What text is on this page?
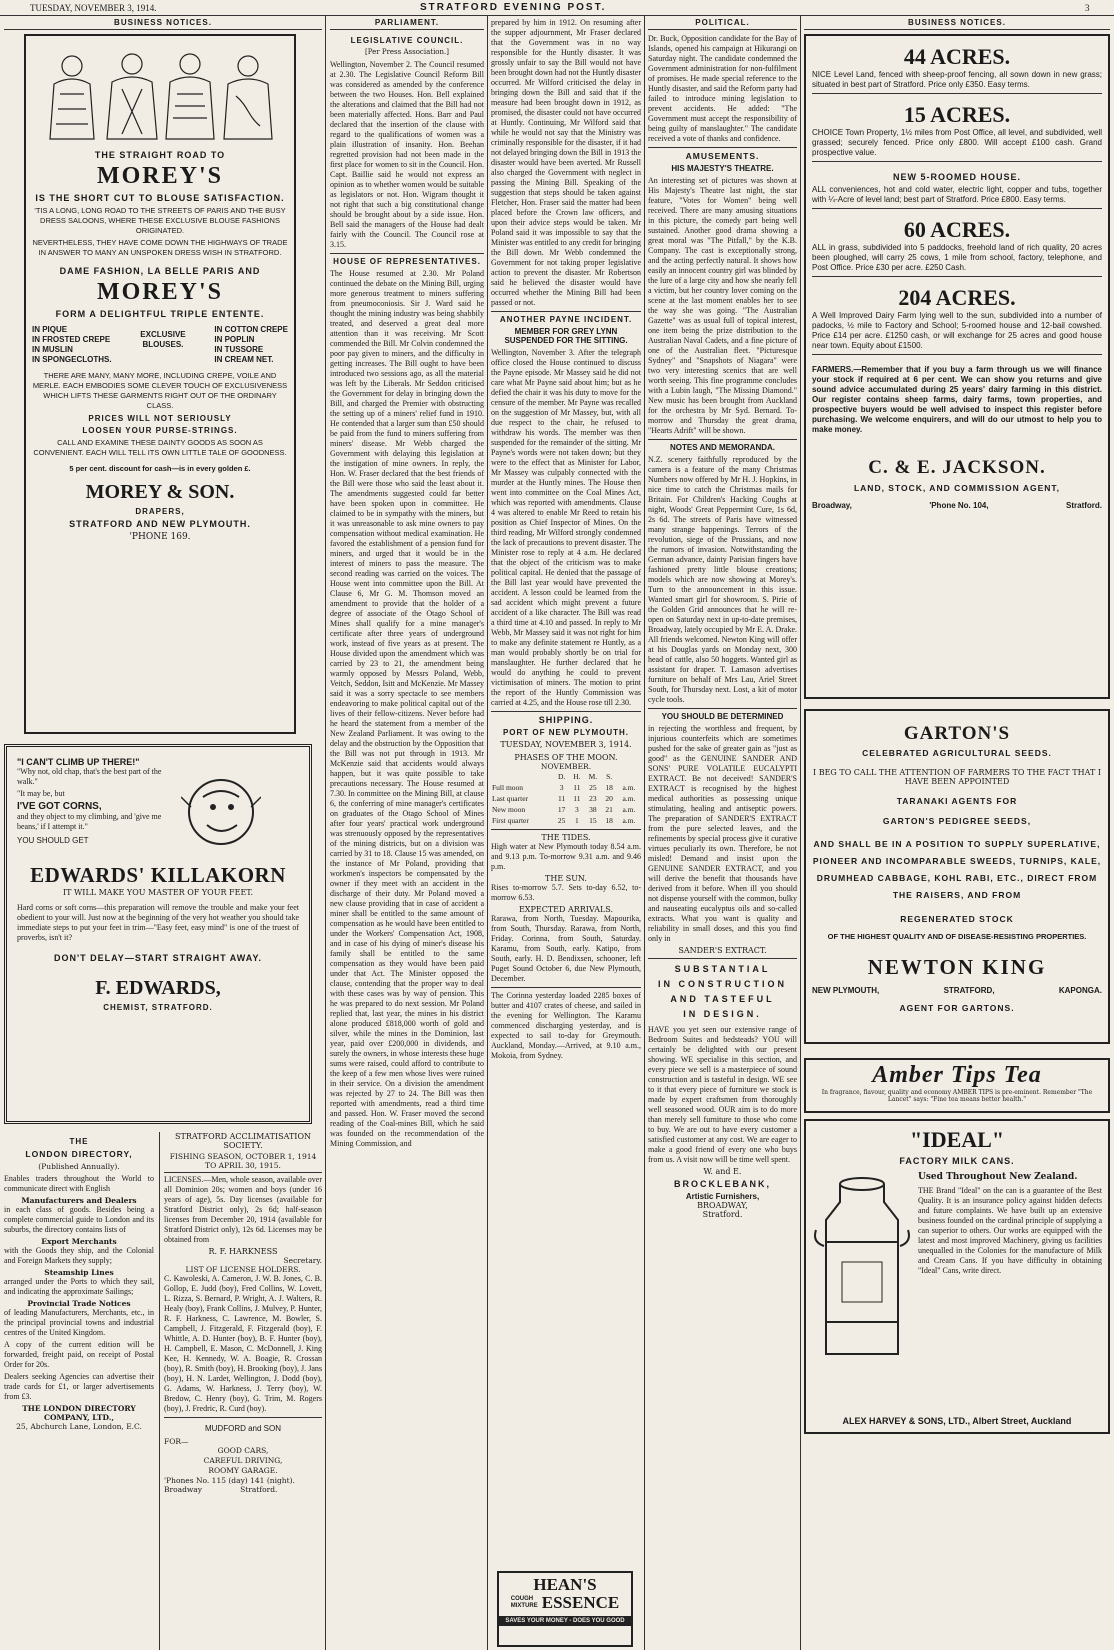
TUESDAY, NOVEMBER 3, 1914.	STRATFORD EVENING POST.	3
BUSINESS NOTICES.
THE STRAIGHT ROAD TO
MOREY'S
IS THE SHORT CUT TO BLOUSE SATISFACTION.

'TIS A LONG, LONG ROAD TO THE STREETS OF PARIS AND THE BUSY DRESS SALOONS, WHERE THESE EXCLUSIVE BLOUSE FASHIONS ORIGINATED.

NEVERTHELESS, THEY HAVE COME DOWN THE HIGHWAYS OF TRADE IN ANSWER TO MANY AN UNSPOKEN DRESS WISH IN STRATFORD.

DAME FASHION, LA BELLE PARIS AND
MOREY'S
FORM A DELIGHTFUL TRIPLE ENTENTE.
IN PIQUE
IN FROSTED CREPE
IN MUSLIN
IN SPONGECLOTHS.
EXCLUSIVE
BLOUSES.
IN COTTON CREPE
IN POPLIN
IN TUSSORE
IN CREAM NET.

THERE ARE MANY, MANY MORE, INCLUDING CREPE, VOILE AND MERLE. EACH EMBODIES SOME CLEVER TOUCH OF EXCLUSIVENESS WHICH LIFTS THESE GARMENTS RIGHT OUT OF THE ORDINARY CLASS.

PRICES WILL NOT SERIOUSLY
LOOSEN YOUR PURSE-STRINGS.

CALL AND EXAMINE THESE DAINTY GOODS AS SOON AS CONVENIENT. EACH WILL TELL ITS OWN LITTLE TALE OF GOODNESS.

5 per cent. discount for cash—is in every golden £.
MOREY & SON.
DRAPERS,
STRATFORD AND NEW PLYMOUTH.
'PHONE 169.
"I CAN'T CLIMB UP THERE!"

"Why not, old chap, that's the best part of the walk."

"It may be, but

I'VE GOT CORNS,

and they object to my climbing, and 'give me beans,' if I attempt it."

YOU SHOULD GET
EDWARDS' KILLAKORN
IT WILL MAKE YOU MASTER OF YOUR FEET.

Hard corns or soft corns—this preparation will remove the trouble and make your feet obedient to your will. Just now at the beginning of the very hot weather you should take immediate steps to put your feet in trim—"Easy feet, easy mind" is one of the truest of proverbs, isn't it?

DON'T DELAY—START STRAIGHT AWAY.
F. EDWARDS,
CHEMIST, STRATFORD.
THE
LONDON DIRECTORY,
(Published Annually).

Enables traders throughout the World to communicate direct with English

Manufacturers and Dealers

in each class of goods. Besides being a complete commercial guide to London and its suburbs, the directory contains lists of

Export Merchants

with the Goods they ship, and the Colonial and Foreign Markets they supply;

Steamship Lines

arranged under the Ports to which they sail, and indicating the approximate Sailings;

Provincial Trade Notices

of leading Manufacturers, Merchants, etc., in the principal provincial towns and industrial centres of the United Kingdom.

A copy of the current edition will be forwarded, freight paid, on receipt of Postal Order for 20s.

Dealers seeking Agencies can advertise their trade cards for £1, or larger advertisements from £3.

THE LONDON DIRECTORY COMPANY, LTD.,
25, Abchurch Lane, London, E.C.
STRATFORD ACCLIMATISATION SOCIETY.
FISHING SEASON, OCTOBER 1, 1914 TO APRIL 30, 1915.

LICENSES.—Men, whole season, available over all Dominion 20s; women and boys (under 16 years of age), 5s. Day licenses (available for Stratford District only), 2s 6d; half-season licenses from December 20, 1914 (available for Stratford District only), 12s 6d. Licenses may be obtained from

R. F. HARKNESS
Secretary.
LIST OF LICENSE HOLDERS.

C. Kawoleski, A. Cameron, J. W. B. Jones, C. B. Gollop, E. Judd (boy), Fred Collins, W. Lovett, L. Rizza, S. Bernard, P. Wright, A. J. Walters, R. Healy (boy), Frank Collins, J. Mulvey, P. Hunter, R. F. Harkness, C. Lawrence, M. Bowler, S. Campbell, J. Fitzgerald, F. Fitzgerald (boy), F. Whittle, A. D. Hunter (boy), B. F. Hunter (boy), H. Campbell, E. Mason, C. McDonnell, J. King Kee, H. Kennedy, W. A. Boagie, R. Crossan (boy), R. Smith (boy), H. Brooking (boy), J. Jans (boy), H. N. Lardet, Wellington, J. Dodd (boy), G. Adams, W. Harkness, J. Terry (boy), W. Bredow, C. Henry (boy), G. Trim, M. Rogers (boy), J. Fredric, R. Curd (boy).

MUDFORD and SON
FOR—
GOOD CARS,
CAREFUL DRIVING,
ROOMY GARAGE.
'Phones No. 115 (day) 141 (night).
Broadway                Stratford.
PARLIAMENT.
LEGISLATIVE COUNCIL.
[Per Press Association.]

Wellington, November 2. The Council resumed at 2.30. The Legislative Council Reform Bill was considered as amended by the conference between the two Houses. Hon. Bell explained the alterations and claimed that the Bill had not been materially affected. Hons. Barr and Paul declared that the insertion of the clause with regard to the qualifications of women was a plain illustration of insanity. Hon. Beehan regretted provision had not been made in the first place for women to sit in the Council. Hon. Capt. Baillie said he would not express an opinion as to whether women would be suitable as legislators or not. Hon. Wigram thought it not right that such a big constitutional change should be brought about by a side issue. Hon. Bell said the managers of the House had dealt fairly with the Council. The Council rose at 3.15.

HOUSE OF REPRESENTATIVES.

The House resumed at 2.30. Mr Poland continued the debate on the Mining Bill, urging more generous treatment to miners suffering from pneumoconiosis. Sir J. Ward said he thought the mining industry was being shabbily treated, and deserved a great deal more attention than it was receiving. Mr Scott commended the Bill. Mr Colvin condemned the poor pay given to miners, and the difficulty in getting increases. The Bill ought to have been introduced two sessions ago, as all the material was left by the Liberals. Mr Seddon criticised the Government for delay in bringing down the Bill, and charged the Premier with obstructing the setting up of a miners' relief fund in 1910. He contended that a larger sum than £50 should be paid from the fund to miners suffering from miners' disease. Mr Webb charged the Government with delaying this legislation at the instigation of mine owners. In reply, the Hon. W. Fraser declared that the best friends of the Bill were those who said the least about it. The amendments suggested could far better have been spoken upon in committee. He claimed to be in sympathy with the miners, but it was unreasonable to ask mine owners to pay compensation without medical examination. He favored the establishment of a pension fund for miners, and urged that it would be in the interest of miners to pass the measure. The second reading was carried on the voices. The House went into committee upon the Bill. At Clause 6, Mr G. M. Thomson moved an amendment to provide that the holder of a degree of associate of the Otago School of Mines shall qualify for a mine manager's certificate after three years of underground work, instead of five years as at present. The House divided upon the amendment which was carried by 23 to 21, the amendment being warmly opposed by Messrs Poland, Webb, Veitch, Seddon, Isitt and McKenzie. Mr Massey said it was a sorry spectacle to see members endeavoring to make political capital out of the lives of their fellow-citizens. Never before had he heard the statement from a member of the New Zealand Parliament. It was owing to the delay and the obstruction by the Opposition that the Bill was not put through in 1913. Mr McKenzie said that accidents would always happen, but it was quite possible to take precautions necessary. The House resumed at 7.30. In committee on the Mining Bill, at clause 6, the conferring of mine manager's certificates on graduates of the Otago School of Mines after four years' practical work underground was strenuously opposed by the representatives of the mining districts, but on a division was carried by 31 to 18. Clause 15 was amended, on the instance of Mr Poland, providing that workmen's inspectors be compensated by the owner if they meet with an accident in the discharge of their duty. Mr Poland moved a new clause providing that in case of accident a miner shall be entitled to the same amount of compensation as he would have been entitled to under the Workers' Compensation Act, 1908, and in case of his dying of miner's disease his family shall be entitled to the same compensation as they would have been paid under that Act. The Minister opposed the clause, contending that the proper way to deal with these cases was by way of pension. This he was prepared to do next session. Mr Poland replied that, last year, the mines in his district alone produced £818,000 worth of gold and silver, while the mines in the Dominion, last year, paid over £200,000 in dividends, and surely the owners, in whose interests these huge sums were raised, could afford to contribute to the keep of a few men whose lives were ruined in their service. On a division the amendment was rejected by 27 to 24. The Bill was then reported with amendments, read a third time and passed. Hon. W. Fraser moved the second reading of the Coal-mines Bill, which he said was founded on the recommendation of the Mining Commission, and

prepared by him in 1912. On resuming after the supper adjournment, Mr Fraser declared that the Government was in no way responsible for the Huntly disaster. It was grossly unfair to say the Bill would not have been brought down had not the Huntly disaster occurred. Mr Wilford criticised the delay in bringing down the Bill and said that if the measure had been brought down in 1912, as promised, the disaster could not have occurred at Huntly. Continuing, Mr Wilford said that while he would not say that the Ministry was criminally responsible for the disaster, if it had not delayed bringing down the Bill in 1913 the disaster would have been averted. Mr Russell also charged the Government with neglect in passing the Mining Bill. Speaking of the suggestion that steps should be taken against Fletcher, Hon. Fraser said the matter had been placed before the Crown law officers, and upon their advice steps would be taken. Mr Poland said it was impossible to say that the Minister was entitled to any credit for bringing the Bill down. Mr Webb condemned the Government for not taking proper legislative action to prevent the disaster. Mr Robertson said he believed the disaster would have occurred whether the Mining Bill had been passed or not.

ANOTHER PAYNE INCIDENT.
MEMBER FOR GREY LYNN SUSPENDED FOR THE SITTING.

Wellington, November 3. After the telegraph office closed the House continued to discuss the Payne episode. Mr Massey said he did not care what Mr Payne said about him; but as he defied the chair it was his duty to move for the censure of the member. Mr Payne was recalled on the suggestion of Mr Massey, but, with all due respect to the chair, he refused to withdraw his words. The member was then suspended for the remainder of the sitting. Mr Payne's words were not taken down; but they were to the effect that as Minister for Labor, Mr Massey was culpably connected with the murder at the Huntly mines. The House then went into committee on the Coal Mines Act, which was reported with amendments. Clause 4 was altered to enable Mr Reed to retain his position as Chief Inspector of Mines. On the third reading, Mr Wilford strongly condemned the lack of precautions to prevent disaster. The Minister rose to reply at 4 a.m. He declared that the object of the criticism was to make political capital. He denied that the passage of the Bill last year would have prevented the accident. A lesson could be learned from the sad accident which might prevent a future accident of a like character. The Bill was read a third time at 4.10 and passed. In reply to Mr Webb, Mr Massey said it was not right for him to make any definite statement re Huntly, as a man would probably shortly be on trial for manslaughter. He further declared that he would do anything he could to prevent victimisation of miners. The motion to print the report of the Huntly Commission was carried at 4.25, and the House rose till 2.30.

SHIPPING.
PORT OF NEW PLYMOUTH.
TUESDAY, NOVEMBER 3, 1914.
PHASES OF THE MOON.
NOVEMBER.
	D.	H.	M.	S.	
Full moon	3	11	25	18	a.m.
Last quarter	11	11	23	20	a.m.
New moon	17	3	38	21	a.m.
First quarter	25	1	15	18	a.m.
THE TIDES.

High water at New Plymouth today 8.54 a.m. and 9.13 p.m. To-morrow 9.31 a.m. and 9.46 p.m.

THE SUN.

Rises to-morrow 5.7. Sets to-day 6.52, to-morrow 6.53.

EXPECTED ARRIVALS.

Rarawa, from North, Tuesday. Mapourika, from South, Thursday. Rarawa, from North, Friday. Corinna, from South, Saturday. Karamu, from South, early. Katipo, from South, early. H. D. Bendixsen, schooner, left Puget Sound October 6, due New Plymouth, December.

The Corinna yesterday loaded 2285 boxes of butter and 4107 crates of cheese, and sailed in the evening for Wellington. The Karamu commenced discharging yesterday, and is expected to sail to-day for Greymouth. Auckland, Monday.—Arrived, at 9.10 a.m., Mokoia, from Sydney.

HEAN'S
COUGH
MIXTURE ESSENCE
SAVES YOUR MONEY - DOES YOU GOOD
POLITICAL.

Dr. Buck, Opposition candidate for the Bay of Islands, opened his campaign at Hikurangi on Saturday night. The candidate condemned the Government administration for non-fulfilment of promises. He made special reference to the Huntly disaster, and said the Reform party had failed to introduce mining legislation to prevent accidents. He added: "The Government must accept the responsibility of being guilty of manslaughter." The candidate received a vote of thanks and confidence.

AMUSEMENTS.
HIS MAJESTY'S THEATRE.

An interesting set of pictures was shown at His Majesty's Theatre last night, the star feature, "Votes for Women" being well received. There are many amusing situations in this picture, the comedy part being well sustained. Another good drama showing a great moral was "The Pitfall," by the K.B. Company. The cast is exceptionally strong, and the acting perfectly natural. It shows how easily an innocent country girl was blinded by the lure of a large city and how she nearly fell a victim, but her country lover coming on the scene at the last moment enables her to see the way she was going. "The Australian Gazette" was as usual full of topical interest, one item being the prize distribution to the Australian Naval Cadets, and a fine picture of one of the Australian fleet. "Picturesque Sydney" and "Snapshots of Niagara" were two very interesting scenics that are well worth seeing. This fine programme concludes with a Lubin laugh, "The Missing Diamond." New music has been brought from Auckland for the orchestra by Mr Syd. Bernard. To-morrow and Thursday the great drama, "Hearts Adrift" will be shown.

NOTES AND MEMORANDA.

N.Z. scenery faithfully reproduced by the camera is a feature of the many Christmas Numbers now offered by Mr H. J. Hopkins, in nice time to catch the Christmas mails for Britain. For Children's Hacking Coughs at night, Woods' Great Peppermint Cure, 1s 6d, 2s 6d. The streets of Paris have witnessed many strange happenings. Terrors of the revolution, siege of the Prussians, and now the rumors of invasion. Notwithstanding the German advance, dainty Parisian fingers have fashioned pretty little blouse creations; models which are now showing at Morey's. Turn to the announcement in this issue. Wanted smart girl for showroom. S. Pirie of the Golden Grid announces that he will re-open on Saturday next in up-to-date premises, Broadway, lately occupied by Mr E. A. Drake. All friends welcomed. Newton King will offer at his Douglas yards on Monday next, 300 head of cattle, also 50 hoggets. Wanted girl as assistant for draper. T. Lamason advertises furniture on behalf of Mrs Lau, Ariel Street South, for Thursday next. Lost, a kit of motor cycle tools.

YOU SHOULD BE DETERMINED

in rejecting the worthless and frequent, by injurious counterfeits which are sometimes pushed for the sake of greater gain as "just as good" as the GENUINE SANDER AND SONS' PURE VOLATILE EUCALYPTI EXTRACT. Be not deceived! SANDER'S EXTRACT is recognised by the highest medical authorities as possessing unique stimulating, healing and antiseptic powers. The preparation of SANDER'S EXTRACT from the pure selected leaves, and the refinements by special process give it curative virtues peculiarly its own. Therefore, be not misled! Demand and insist upon the GENUINE SANDER EXTRACT, and you will derive the benefit that thousands have derived from it before. When ill you should not dispense yourself with the common, bulky and nauseating eucalyptus oils and so-called extracts. What you want is quality and reliability in small doses, and this you find only in

SANDER'S EXTRACT.
SUBSTANTIAL
IN CONSTRUCTION
AND TASTEFUL
IN DESIGN.

HAVE you yet seen our extensive range of Bedroom Suites and bedsteads? YOU will certainly be delighted with our present showing. WE specialise in this section, and every piece we sell is a masterpiece of sound construction and is tasteful in design. WE see to it that every piece of furniture we stock is made by expert craftsmen from thoroughly well seasoned wood. OUR aim is to do more than merely sell furniture to those who come to buy. We are out to have every customer a satisfied customer at any cost. We are eager to make a good friend of every one who buys from us. A visit now will be time well spent.

W. and E.
BROCKLEBANK,
Artistic Furnishers,
BROADWAY,
Stratford.
BUSINESS NOTICES.
44 ACRES.

NICE Level Land, fenced with sheep-proof fencing, all sown down in new grass; situated in best part of Stratford. Price only £350. Easy terms.

15 ACRES.

CHOICE Town Property, 1½ miles from Post Office, all level, and subdivided, well grassed; securely fenced. Price only £800. Will accept £100 cash. Grand prospective value.

NEW 5-ROOMED HOUSE.

ALL conveniences, hot and cold water, electric light, copper and tubs, together with ¼-Acre of level land; best part of Stratford. Price £800. Easy terms.

60 ACRES.

ALL in grass, subdivided into 5 paddocks, freehold land of rich quality, 20 acres been ploughed, will carry 25 cows, 1 mile from school, factory, telephone, and Post Office. Price £30 per acre. £250 Cash.

204 ACRES.

A Well Improved Dairy Farm lying well to the sun, subdivided into a number of padocks, ½ mile to Factory and School; 5-roomed house and 12-bail cowshed. Price £14 per acre. £1250 cash, or will exchange for 25 acres and good house near town. Equity about £1500.

FARMERS.—Remember that if you buy a farm through us we will finance your stock if required at 6 per cent. We can show you returns and give sound advice accumulated during 25 years' dairy farming in this district. Our register contains sheep farms, dairy farms, town properties, and prospective buyers would be well advised to inspect this register before purchasing. We welcome enquirers, and will do our utmost to help you to make money.

C. & E. JACKSON.
LAND, STOCK, AND COMMISSION AGENT,
Broadway,	'Phone No. 104,	Stratford.
GARTON'S
CELEBRATED AGRICULTURAL SEEDS.
I BEG TO CALL THE ATTENTION OF FARMERS TO THE FACT THAT I HAVE BEEN APPOINTED
TARANAKI AGENTS FOR
GARTON'S PEDIGREE SEEDS,
AND SHALL BE IN A POSITION TO SUPPLY SUPERLATIVE, PIONEER AND INCOMPARABLE SWEEDS, TURNIPS, KALE, DRUMHEAD CABBAGE, KOHL RABI, ETC., DIRECT FROM THE RAISERS, AND FROM
REGENERATED STOCK
OF THE HIGHEST QUALITY AND OF DISEASE-RESISTING PROPERTIES.
NEWTON KING
NEW PLYMOUTH,	STRATFORD,	KAPONGA.
AGENT FOR GARTONS.
Amber Tips Tea
In fragrance, flavour, quality and economy AMBER TIPS is pre-eminent. Remember "The Lancet" says: "Fine tea means better health."
"IDEAL"
FACTORY MILK CANS.
Used Throughout New Zealand.

THE Brand "Ideal" on the can is a guarantee of the Best Quality. It is an insurance policy against hidden defects and future complaints. We have built up an extensive business founded on the cardinal principle of supplying a can superior to others. Our works are equipped with the latest and most improved Machinery, giving us facilities unequalled in the Colonies for the manufacture of Milk and Cream Cans. If you have difficulty in obtaining "Ideal" Cans, write direct.

ALEX HARVEY & SONS, LTD., Albert Street, Auckland
